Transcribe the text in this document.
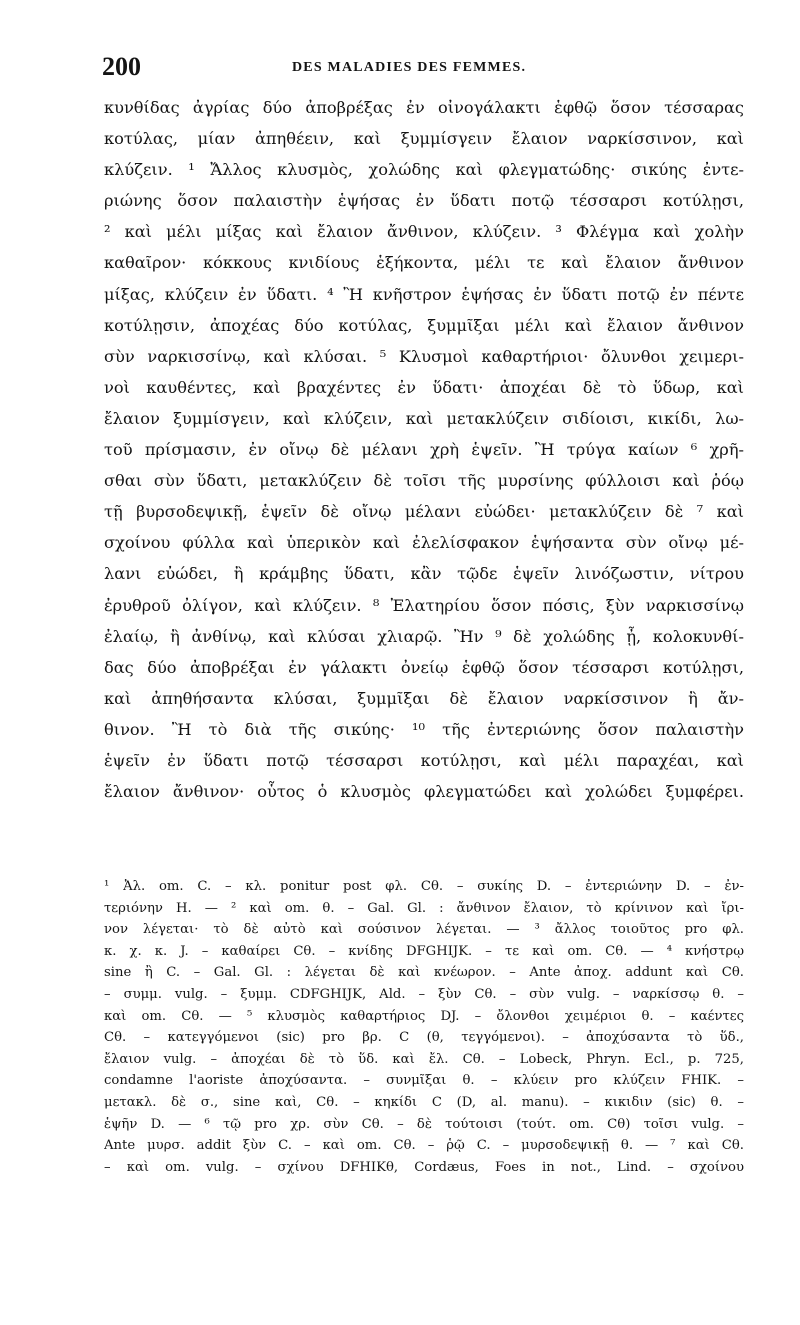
200	DES MALADIES DES FEMMES.
κυνθίδας ἀγρίας δύο ἀποβρέξας ἐν οἰνογάλακτι ἑφθῷ ὅσον τέσσαρας
κοτύλας, μίαν ἀπηθέειν, καὶ ξυμμίσγειν ἔλαιον ναρκίσσινον, καὶ
κλύζειν. ¹ Ἄλλος κλυσμὸς, χολώδης καὶ φλεγματώδης· σικύης ἐντε-
ριώνης ὅσον παλαιστὴν ἑψήσας ἐν ὕδατι ποτῷ τέσσαρσι κοτύλῃσι,
² καὶ μέλι μίξας καὶ ἔλαιον ἄνθινον, κλύζειν. ³ Φλέγμα καὶ χολὴν
καθαῖρον· κόκκους κνιδίους ἑξήκοντα, μέλι τε καὶ ἔλαιον ἄνθινον
μίξας, κλύζειν ἐν ὕδατι. ⁴ Ἢ κνῆστρον ἑψήσας ἐν ὕδατι ποτῷ ἐν πέντε
κοτύλῃσιν, ἀποχέας δύο κοτύλας, ξυμμῖξαι μέλι καὶ ἔλαιον ἄνθινον
σὺν ναρκισσίνῳ, καὶ κλύσαι. ⁵ Κλυσμοὶ καθαρτήριοι· ὄλυνθοι χειμερι-
νοὶ καυθέντες, καὶ βραχέντες ἐν ὕδατι· ἀποχέαι δὲ τὸ ὕδωρ, καὶ
ἔλαιον ξυμμίσγειν, καὶ κλύζειν, καὶ μετακλύζειν σιδίοισι, κικίδι, λω-
τοῦ πρίσμασιν, ἐν οἴνῳ δὲ μέλανι χρὴ ἑψεῖν. Ἢ τρύγα καίων ⁶ χρῆ-
σθαι σὺν ὕδατι, μετακλύζειν δὲ τοῖσι τῆς μυρσίνης φύλλοισι καὶ ῥόῳ
τῇ βυρσοδεψικῇ, ἑψεῖν δὲ οἴνῳ μέλανι εὐώδει· μετακλύζειν δὲ ⁷ καὶ
σχοίνου φύλλα καὶ ὑπερικὸν καὶ ἐλελίσφακον ἑψήσαντα σὺν οἴνῳ μέ-
λανι εὐώδει, ἢ κράμβης ὕδατι, κἂν τῷδε ἑψεῖν λινόζωστιν, νίτρου
ἐρυθροῦ ὀλίγον, καὶ κλύζειν. ⁸ Ἐλατηρίου ὅσον πόσις, ξὺν ναρκισσίνῳ
ἐλαίῳ, ἢ ἀνθίνῳ, καὶ κλύσαι χλιαρῷ. Ἢν ⁹ δὲ χολώδης ᾖ, κολοκυνθί-
δας δύο ἀποβρέξαι ἐν γάλακτι ὀνείῳ ἑφθῷ ὅσον τέσσαρσι κοτύλῃσι,
καὶ ἀπηθήσαντα κλύσαι, ξυμμῖξαι δὲ ἔλαιον ναρκίσσινον ἢ ἄν-
θινον. Ἢ τὸ διὰ τῆς σικύης· ¹⁰ τῆς ἐντεριώνης ὅσον παλαιστὴν
ἑψεῖν ἐν ὕδατι ποτῷ τέσσαρσι κοτύλῃσι, καὶ μέλι παραχέαι, καὶ
ἔλαιον ἄνθινον· οὗτος ὁ κλυσμὸς φλεγματώδει καὶ χολώδει ξυμφέρει.
¹ Ἀλ. om. C. – κλ. ponitur post φλ. Cθ. – συκίης D. – ἐντεριώνην D. – ἐν-
τεριόνην H. — ² καὶ om. θ. – Gal. Gl. : ἄνθινον ἔλαιον, τὸ κρίνινον καὶ ἴρι-
νον λέγεται· τὸ δὲ αὐτὸ καὶ σούσινον λέγεται. — ³ ἄλλος τοιοῦτος pro φλ.
κ. χ. κ. J. – καθαίρει Cθ. – κνίδης DFGHIJK. – τε καὶ om. Cθ. — ⁴ κνήστρῳ
sine ἢ C. – Gal. Gl. : λέγεται δὲ καὶ κνέωρον. – Ante ἀποχ. addunt καὶ Cθ.
– συμμ. vulg. – ξυμμ. CDFGHIJK, Ald. – ξὺν Cθ. – σὺν vulg. – ναρκίσσῳ θ. –
καὶ om. Cθ. — ⁵ κλυσμὸς καθαρτήριος DJ. – ὄλονθοι χειμέριοι θ. – καέντες
Cθ. – κατεγγόμενοι (sic) pro βρ. C (θ, τεγγόμενοι). – ἀποχύσαντα τὸ ὕδ.,
ἔλαιον vulg. – ἀποχέαι δὲ τὸ ὕδ. καὶ ἔλ. Cθ. – Lobeck, Phryn. Ecl., p. 725,
condamne l'aoriste ἀποχύσαντα. – συνμῖξαι θ. – κλύειν pro κλύζειν FHIK. –
μετακλ. δὲ σ., sine καὶ, Cθ. – κηκίδι C (D, al. manu). – κικιδιν (sic) θ. –
ἑψῆν D. — ⁶ τῷ pro χρ. σὺν Cθ. – δὲ τούτοισι (τούτ. om. Cθ) τοῖσι vulg. –
Ante μυρσ. addit ξὺν C. – καὶ om. Cθ. – ῥῷ C. – μυρσοδεψικῇ θ. — ⁷ καὶ Cθ.
– καὶ om. vulg. – σχίνου DFHIKθ, Cordæus, Foes in not., Lind. – σχοίνου
